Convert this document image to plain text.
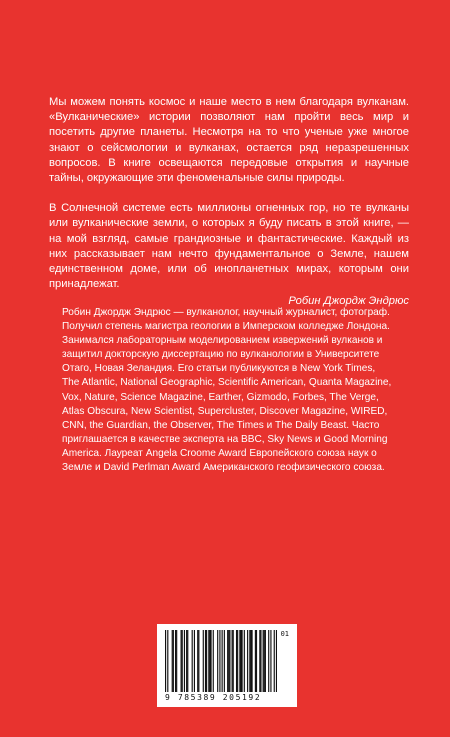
Мы можем понять космос и наше место в нем благодаря вулканам. «Вулканические» истории позволяют нам пройти весь мир и посетить другие планеты. Несмотря на то что ученые уже многое знают о сейсмологии и вулканах, остается ряд неразрешенных вопросов. В книге освещаются передовые открытия и научные тайны, окружающие эти феноменальные силы природы.

В Солнечной системе есть миллионы огненных гор, но те вулканы или вулканические земли, о которых я буду писать в этой книге, — на мой взгляд, самые грандиозные и фантастические. Каждый из них рассказывает нам нечто фундаментальное о Земле, нашем единственном доме, или об инопланетных мирах, которым они принадлежат.

Робин Джордж Эндрюс
Робин Джордж Эндрюс — вулканолог, научный журналист, фотограф. Получил степень магистра геологии в Имперском колледже Лондона. Занимался лабораторным моделированием извержений вулканов и защитил докторскую диссертацию по вулканологии в Университете Отаго, Новая Зеландия. Его статьи публикуются в New York Times, The Atlantic, National Geographic, Scientific American, Quanta Magazine, Vox, Nature, Science Magazine, Earther, Gizmodo, Forbes, The Verge, Atlas Obscura, New Scientist, Supercluster, Discover Magazine, WIRED, CNN, the Guardian, the Observer, The Times и The Daily Beast. Часто приглашается в качестве эксперта на BBC, Sky News и Good Morning America. Лауреат Angela Croome Award Европейского союза наук о Земле и David Perlman Award Американского геофизического союза.
9 785389 205192
01
